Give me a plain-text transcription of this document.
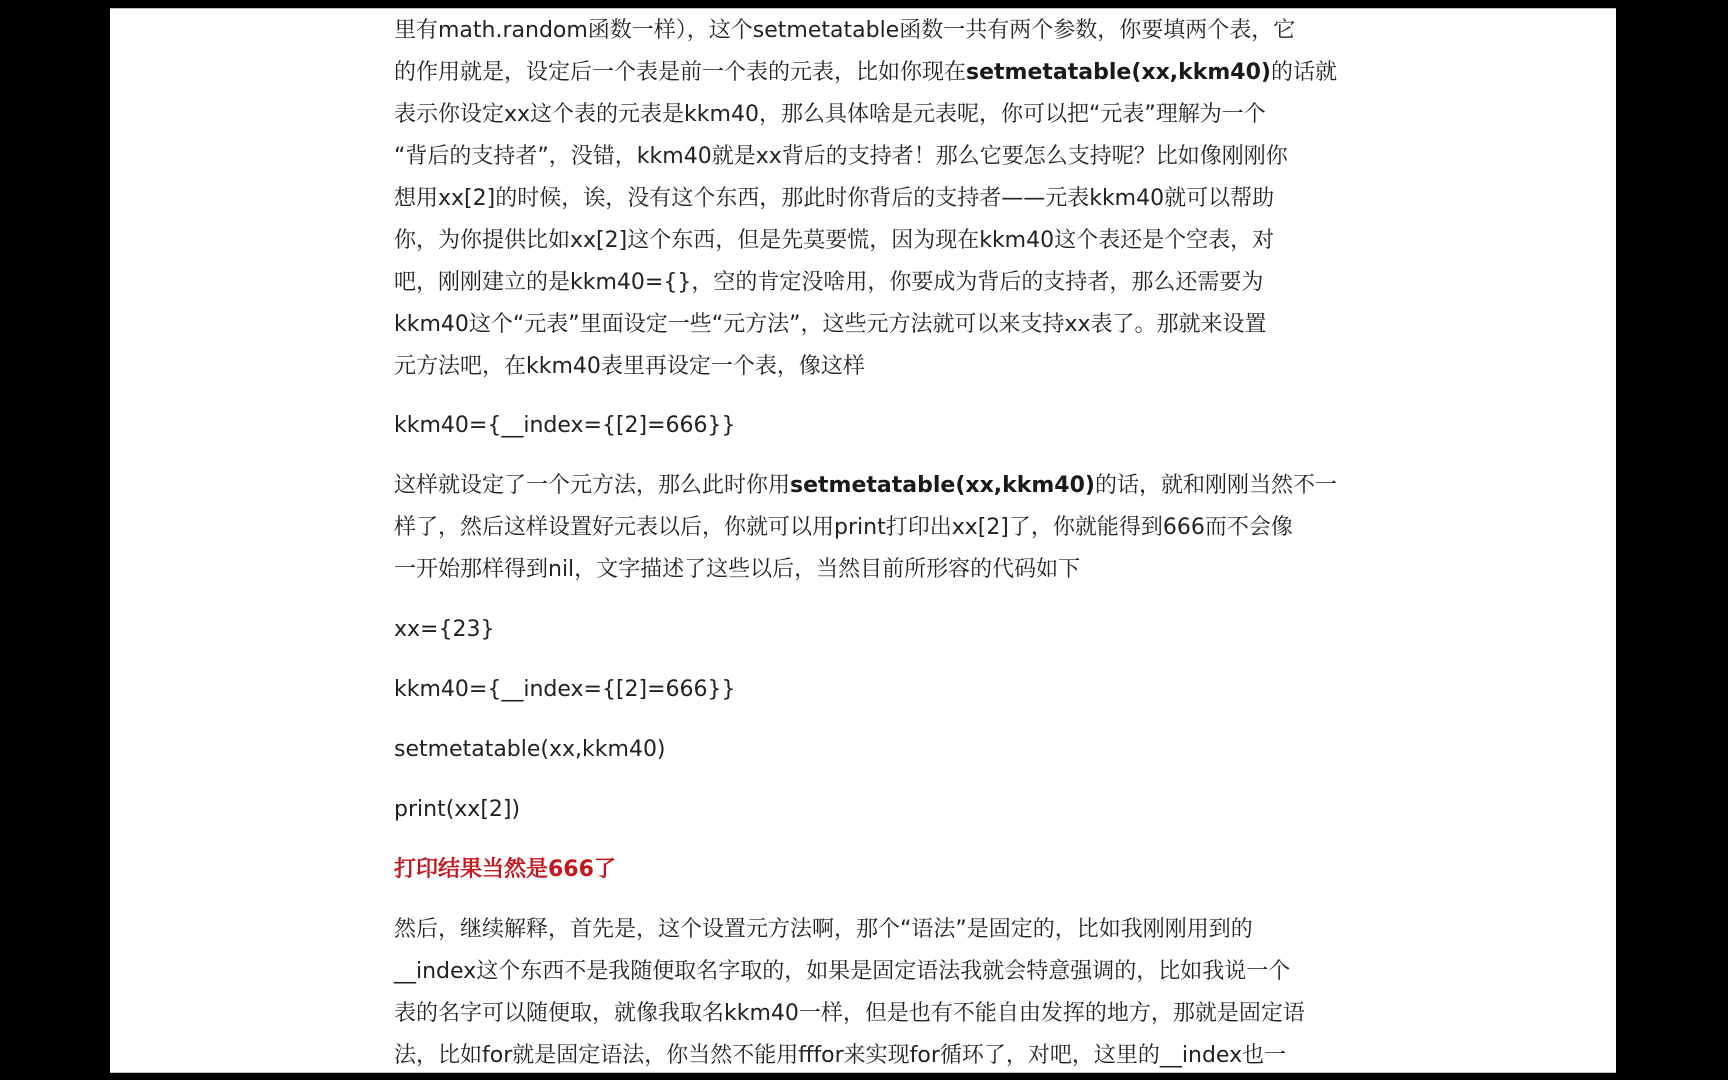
里有math.random函数一样），这个setmetatable函数一共有两个参数，你要填两个表，它

的作用就是，设定后一个表是前一个表的元表，比如你现在setmetatable(xx,kkm40)的话就

表示你设定xx这个表的元表是kkm40，那么具体啥是元表呢，你可以把“元表”理解为一个

“背后的支持者”，没错，kkm40就是xx背后的支持者！那么它要怎么支持呢？比如像刚刚你

想用xx[2]的时候，诶，没有这个东西，那此时你背后的支持者——元表kkm40就可以帮助

你，为你提供比如xx[2]这个东西，但是先莫要慌，因为现在kkm40这个表还是个空表，对

吧，刚刚建立的是kkm40={}，空的肯定没啥用，你要成为背后的支持者，那么还需要为

kkm40这个“元表”里面设定一些“元方法”，这些元方法就可以来支持xx表了。那就来设置

元方法吧，在kkm40表里再设定一个表，像这样

kkm40={__index={[2]=666}}

这样就设定了一个元方法，那么此时你用setmetatable(xx,kkm40)的话，就和刚刚当然不一

样了，然后这样设置好元表以后，你就可以用print打印出xx[2]了，你就能得到666而不会像

一开始那样得到nil，文字描述了这些以后，当然目前所形容的代码如下

xx={23}

kkm40={__index={[2]=666}}

setmetatable(xx,kkm40)

print(xx[2])

打印结果当然是666了

然后，继续解释，首先是，这个设置元方法啊，那个“语法”是固定的，比如我刚刚用到的

__index这个东西不是我随便取名字取的，如果是固定语法我就会特意强调的，比如我说一个

表的名字可以随便取，就像我取名kkm40一样，但是也有不能自由发挥的地方，那就是固定语

法，比如for就是固定语法，你当然不能用fffor来实现for循环了，对吧，这里的__index也一
